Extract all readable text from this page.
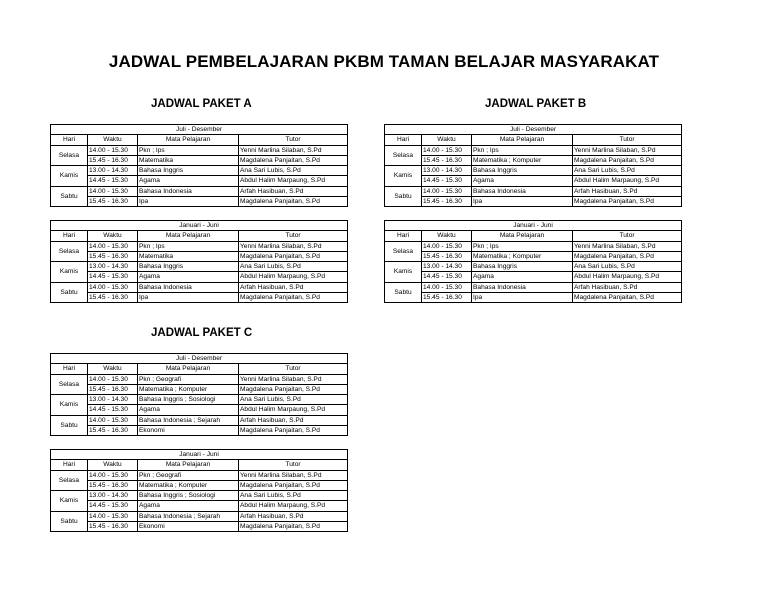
JADWAL PEMBELAJARAN PKBM TAMAN BELAJAR MASYARAKAT
JADWAL PAKET A	JADWAL PAKET B
JADWAL PAKET C
Juli - Desember			
Hari	Waktu	Mata Pelajaran	Tutor
Selasa	14.00 - 15.30	Pkn ; Ips	Yenni Marlina Silaban, S.Pd
	15.45 - 16.30	Matematika	Magdalena Panjaitan, S.Pd
Kamis	13.00 - 14.30	Bahasa Inggris	Ana Sari Lubis, S.Pd
	14.45 - 15.30	Agama	Abdul Halim Marpaung, S.Pd
Sabtu	14.00 - 15.30	Bahasa Indonesia	Arfah Hasibuan, S.Pd
	15.45 - 16.30	Ipa	Magdalena Panjaitan, S.Pd
Januari - Juni			
Hari	Waktu	Mata Pelajaran	Tutor
Selasa	14.00 - 15.30	Pkn ; Ips	Yenni Marlina Silaban, S.Pd
	15.45 - 16.30	Matematika	Magdalena Panjaitan, S.Pd
Kamis	13.00 - 14.30	Bahasa Inggris	Ana Sari Lubis, S.Pd
	14.45 - 15.30	Agama	Abdul Halim Marpaung, S.Pd
Sabtu	14.00 - 15.30	Bahasa Indonesia	Arfah Hasibuan, S.Pd
	15.45 - 16.30	Ipa	Magdalena Panjaitan, S.Pd
Juli - Desember			
Hari	Waktu	Mata Pelajaran	Tutor
Selasa	14.00 - 15.30	Pkn ; Ips	Yenni Marlina Silaban, S.Pd
	15.45 - 16.30	Matematika ; Komputer	Magdalena Panjaitan, S.Pd
Kamis	13.00 - 14.30	Bahasa Inggris	Ana Sari Lubis, S.Pd
	14.45 - 15.30	Agama	Abdul Halim Marpaung, S.Pd
Sabtu	14.00 - 15.30	Bahasa Indonesia	Arfah Hasibuan, S.Pd
	15.45 - 16.30	Ipa	Magdalena Panjaitan, S.Pd
Januari - Juni			
Hari	Waktu	Mata Pelajaran	Tutor
Selasa	14.00 - 15.30	Pkn ; Ips	Yenni Marlina Silaban, S.Pd
	15.45 - 16.30	Matematika ; Komputer	Magdalena Panjaitan, S.Pd
Kamis	13.00 - 14.30	Bahasa Inggris	Ana Sari Lubis, S.Pd
	14.45 - 15.30	Agama	Abdul Halim Marpaung, S.Pd
Sabtu	14.00 - 15.30	Bahasa Indonesia	Arfah Hasibuan, S.Pd
	15.45 - 16.30	Ipa	Magdalena Panjaitan, S.Pd
Juli - Desember			
Hari	Waktu	Mata Pelajaran	Tutor
Selasa	14.00 - 15.30	Pkn ; Geografi	Yenni Marlina Silaban, S.Pd
	15.45 - 16.30	Matematika ; Komputer	Magdalena Panjaitan, S.Pd
Kamis	13.00 - 14.30	Bahasa Inggris ; Sosiologi	Ana Sari Lubis, S.Pd
	14.45 - 15.30	Agama	Abdul Halim Marpaung, S.Pd
Sabtu	14.00 - 15.30	Bahasa Indonesia ; Sejarah	Arfah Hasibuan, S.Pd
	15.45 - 16.30	Ekonomi	Magdalena Panjaitan, S.Pd
Januari - Juni			
Hari	Waktu	Mata Pelajaran	Tutor
Selasa	14.00 - 15.30	Pkn ; Geografi	Yenni Marlina Silaban, S.Pd
	15.45 - 16.30	Matematika ; Komputer	Magdalena Panjaitan, S.Pd
Kamis	13.00 - 14.30	Bahasa Inggris ; Sosiologi	Ana Sari Lubis, S.Pd
	14.45 - 15.30	Agama	Abdul Halim Marpaung, S.Pd
Sabtu	14.00 - 15.30	Bahasa Indonesia ; Sejarah	Arfah Hasibuan, S.Pd
	15.45 - 16.30	Ekonomi	Magdalena Panjaitan, S.Pd
